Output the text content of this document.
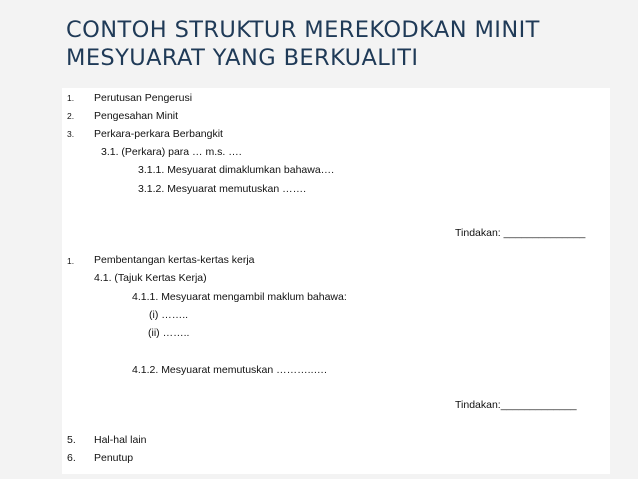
CONTOH STRUKTUR MEREKODKAN MINIT
MESYUARAT YANG BERKUALITI
1. Perutusan Pengerusi
2. Pengesahan Minit
3. Perkara-perkara Berbangkit
3.1. (Perkara) para … m.s. ….
3.1.1. Mesyuarat dimaklumkan bahawa….
3.1.2. Mesyuarat memutuskan …….
Tindakan: ______________
1. Pembentangan kertas-kertas kerja
4.1. (Tajuk Kertas Kerja)
4.1.1. Mesyuarat mengambil maklum bahawa:
(i) ……..
(ii) ……..
4.1.2. Mesyuarat memutuskan ………..….
Tindakan:_____________
5. Hal-hal lain
6. Penutup
